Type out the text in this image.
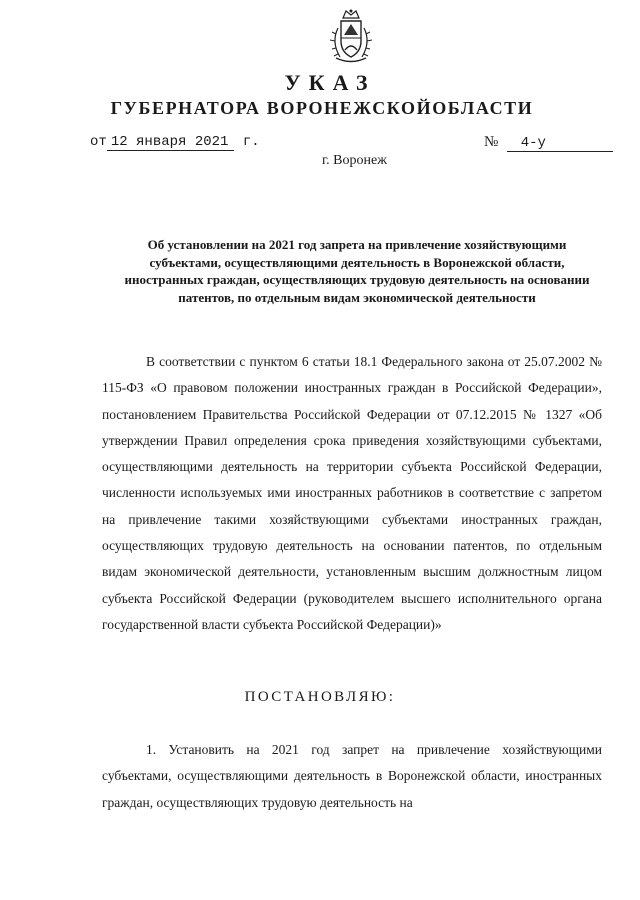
УКАЗ
ГУБЕРНАТОРА ВОРОНЕЖСКОЙОБЛАСТИ
от 12 января 2021 г.	№ 4-у
г. Воронеж
Об установлении на 2021 год запрета на привлечение хозяйствующими субъектами, осуществляющими деятельность в Воронежской области, иностранных граждан, осуществляющих трудовую деятельность на основании патентов, по отдельным видам экономической деятельности
В соответствии с пунктом 6 статьи 18.1 Федерального закона от 25.07.2002 № 115-ФЗ «О правовом положении иностранных граждан в Российской Федерации», постановлением Правительства Российской Федерации от 07.12.2015 № 1327 «Об утверждении Правил определения срока приведения хозяйствующими субъектами, осуществляющими деятельность на территории субъекта Российской Федерации, численности используемых ими иностранных работников в соответствие с запретом на привлечение такими хозяйствующими субъектами иностранных граждан, осуществляющих трудовую деятельность на основании патентов, по отдельным видам экономической деятельности, установленным высшим должностным лицом субъекта Российской Федерации (руководителем высшего исполнительного органа государственной власти субъекта Российской Федерации)»
ПОСТАНОВЛЯЮ:
1. Установить на 2021 год запрет на привлечение хозяйствующими субъектами, осуществляющими деятельность в Воронежской области, иностранных граждан, осуществляющих трудовую деятельность на
